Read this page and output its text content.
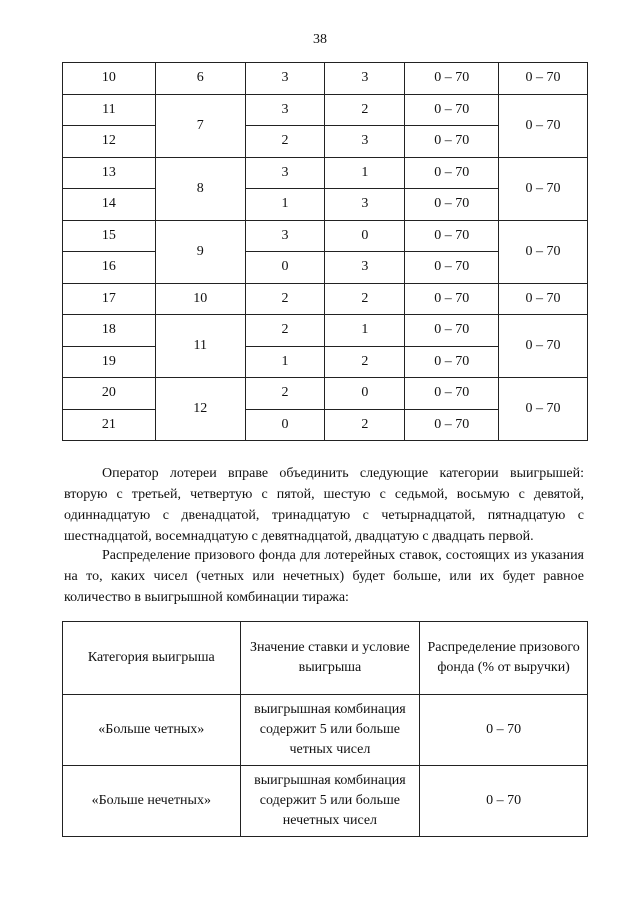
38
10	6	3	3	0 – 70	0 – 70
11	7	3	2	0 – 70	0 – 70
12		2	3	0 – 70	
13	8	3	1	0 – 70	0 – 70
14		1	3	0 – 70	
15	9	3	0	0 – 70	0 – 70
16		0	3	0 – 70	
17	10	2	2	0 – 70	0 – 70
18	11	2	1	0 – 70	0 – 70
19		1	2	0 – 70	
20	12	2	0	0 – 70	0 – 70
21		0	2	0 – 70	

Оператор лотереи вправе объединить следующие категории выигрышей: вторую с третьей, четвертую с пятой, шестую с седьмой, восьмую с девятой, одиннадцатую с двенадцатой, тринадцатую с четырнадцатой, пятнадцатую с шестнадцатой, восемнадцатую с девятнадцатой, двадцатую с двадцать первой.

Распределение призового фонда для лотерейных ставок, состоящих из указания на то, каких чисел (четных или нечетных) будет больше, или их будет равное количество в выигрышной комбинации тиража:

Категория выигрыша	Значение ставки и условие выигрыша	Распределение призового фонда (% от выручки)
«Больше четных»	выигрышная комбинация содержит 5 или больше четных чисел	0 – 70
«Больше нечетных»	выигрышная комбинация содержит 5 или больше нечетных чисел	0 – 70
